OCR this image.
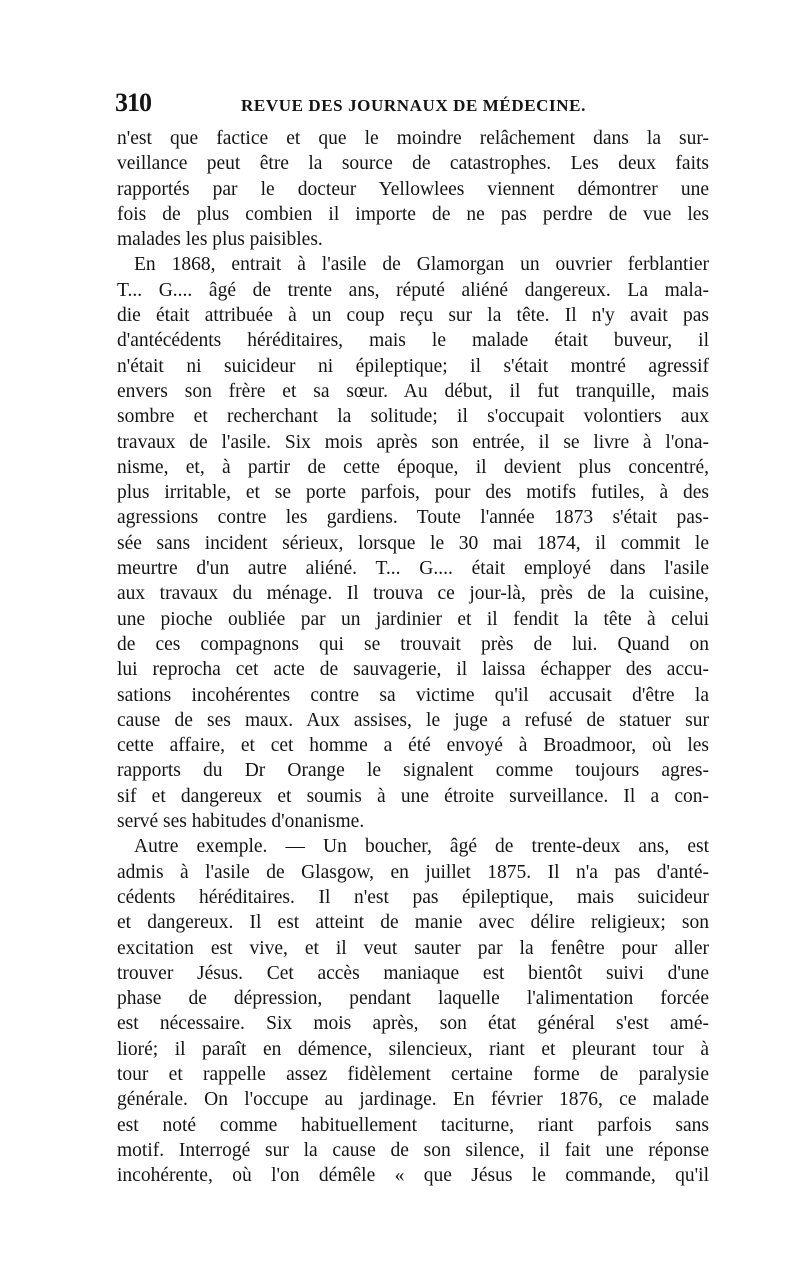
310	REVUE DES JOURNAUX DE MÉDECINE.
n'est que factice et que le moindre relâchement dans la sur-
veillance peut être la source de catastrophes. Les deux faits
rapportés par le docteur Yellowlees viennent démontrer une
fois de plus combien il importe de ne pas perdre de vue les
malades les plus paisibles.
En 1868, entrait à l'asile de Glamorgan un ouvrier ferblantier
T... G.... âgé de trente ans, réputé aliéné dangereux. La mala-
die était attribuée à un coup reçu sur la tête. Il n'y avait pas
d'antécédents héréditaires, mais le malade était buveur, il
n'était ni suicideur ni épileptique; il s'était montré agressif
envers son frère et sa sœur. Au début, il fut tranquille, mais
sombre et recherchant la solitude; il s'occupait volontiers aux
travaux de l'asile. Six mois après son entrée, il se livre à l'ona-
nisme, et, à partir de cette époque, il devient plus concentré,
plus irritable, et se porte parfois, pour des motifs futiles, à des
agressions contre les gardiens. Toute l'année 1873 s'était pas-
sée sans incident sérieux, lorsque le 30 mai 1874, il commit le
meurtre d'un autre aliéné. T... G.... était employé dans l'asile
aux travaux du ménage. Il trouva ce jour-là, près de la cuisine,
une pioche oubliée par un jardinier et il fendit la tête à celui
de ces compagnons qui se trouvait près de lui. Quand on
lui reprocha cet acte de sauvagerie, il laissa échapper des accu-
sations incohérentes contre sa victime qu'il accusait d'être la
cause de ses maux. Aux assises, le juge a refusé de statuer sur
cette affaire, et cet homme a été envoyé à Broadmoor, où les
rapports du Dr Orange le signalent comme toujours agres-
sif et dangereux et soumis à une étroite surveillance. Il a con-
servé ses habitudes d'onanisme.
Autre exemple. — Un boucher, âgé de trente-deux ans, est
admis à l'asile de Glasgow, en juillet 1875. Il n'a pas d'anté-
cédents héréditaires. Il n'est pas épileptique, mais suicideur
et dangereux. Il est atteint de manie avec délire religieux; son
excitation est vive, et il veut sauter par la fenêtre pour aller
trouver Jésus. Cet accès maniaque est bientôt suivi d'une
phase de dépression, pendant laquelle l'alimentation forcée
est nécessaire. Six mois après, son état général s'est amé-
lioré; il paraît en démence, silencieux, riant et pleurant tour à
tour et rappelle assez fidèlement certaine forme de paralysie
générale. On l'occupe au jardinage. En février 1876, ce malade
est noté comme habituellement taciturne, riant parfois sans
motif. Interrogé sur la cause de son silence, il fait une réponse
incohérente, où l'on démêle « que Jésus le commande, qu'il
